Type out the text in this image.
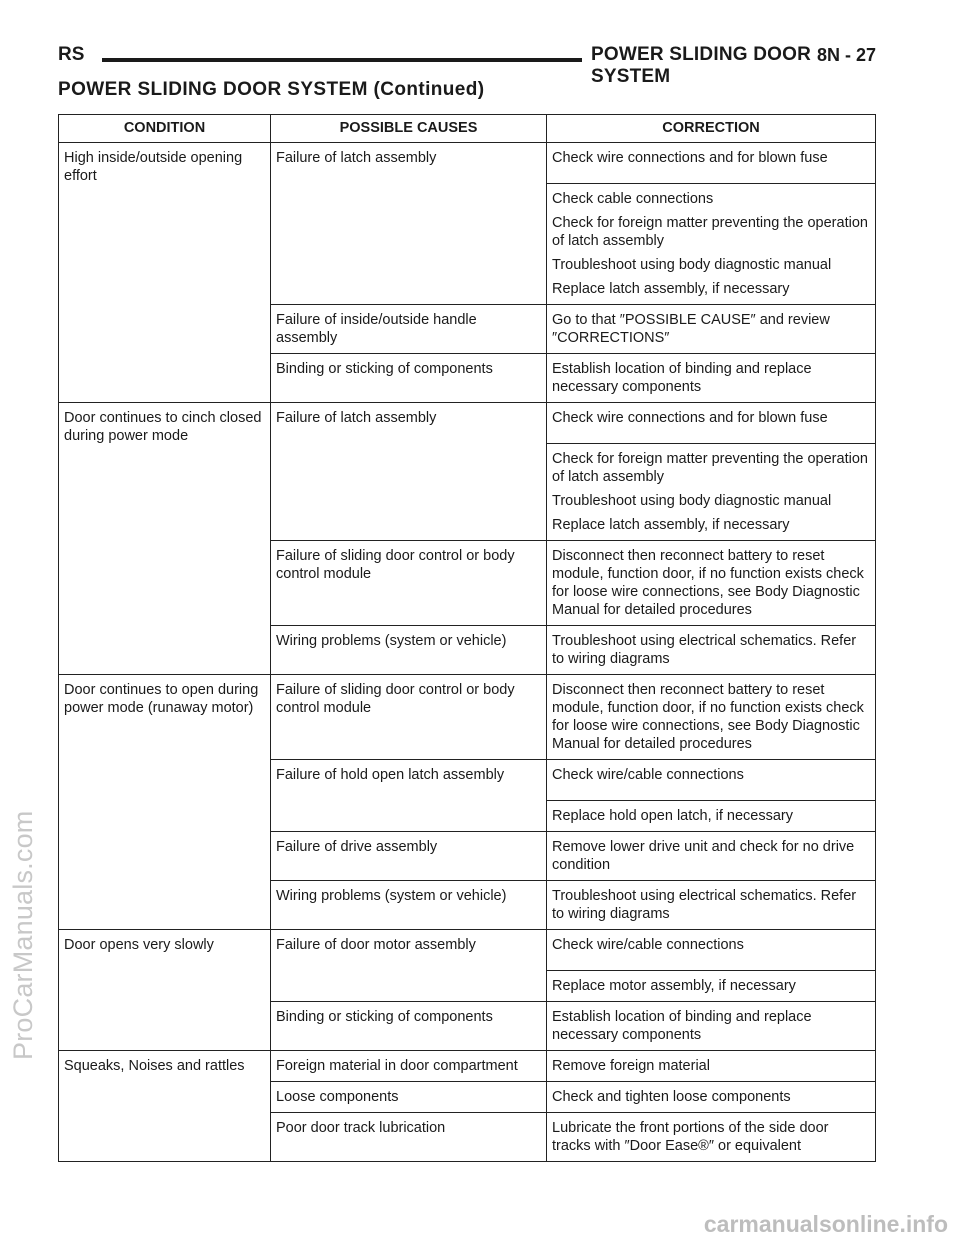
RS	POWER SLIDING DOOR SYSTEM
8N - 27
POWER SLIDING DOOR SYSTEM (Continued)
CONDITION	POSSIBLE CAUSES	CORRECTION
High inside/outside opening effort	Failure of latch assembly	Check wire connections and for blown fuse
Check cable connections
Check for foreign matter preventing the operation of latch assembly
Troubleshoot using body diagnostic manual
Replace latch assembly, if necessary

	Failure of inside/outside handle assembly	Go to that ″POSSIBLE CAUSE″ and review ″CORRECTIONS″

	Binding or sticking of components	Establish location of binding and replace necessary components

Door continues to cinch closed during power mode	Failure of latch assembly	Check wire connections and for blown fuse
Check for foreign matter preventing the operation of latch assembly
Troubleshoot using body diagnostic manual
Replace latch assembly, if necessary

	Failure of sliding door control or body control module	Disconnect then reconnect battery to reset module, function door, if no function exists check for loose wire connections, see Body Diagnostic Manual for detailed procedures

	Wiring problems (system or vehicle)	Troubleshoot using electrical schematics. Refer to wiring diagrams

Door continues to open during power mode (runaway motor)	Failure of sliding door control or body control module	Disconnect then reconnect battery to reset module, function door, if no function exists check for loose wire connections, see Body Diagnostic Manual for detailed procedures

	Failure of hold open latch assembly	Check wire/cable connections
Replace hold open latch, if necessary

	Failure of drive assembly	Remove lower drive unit and check for no drive condition

	Wiring problems (system or vehicle)	Troubleshoot using electrical schematics. Refer to wiring diagrams

Door opens very slowly	Failure of door motor assembly	Check wire/cable connections
Replace motor assembly, if necessary

	Binding or sticking of components	Establish location of binding and replace necessary components

Squeaks, Noises and rattles	Foreign material in door compartment	Remove foreign material

	Loose components	Check and tighten loose components

	Poor door track lubrication	Lubricate the front portions of the side door tracks with ″Door Ease®″ or equivalent
ProCarManuals.com
carmanualsonline.info
